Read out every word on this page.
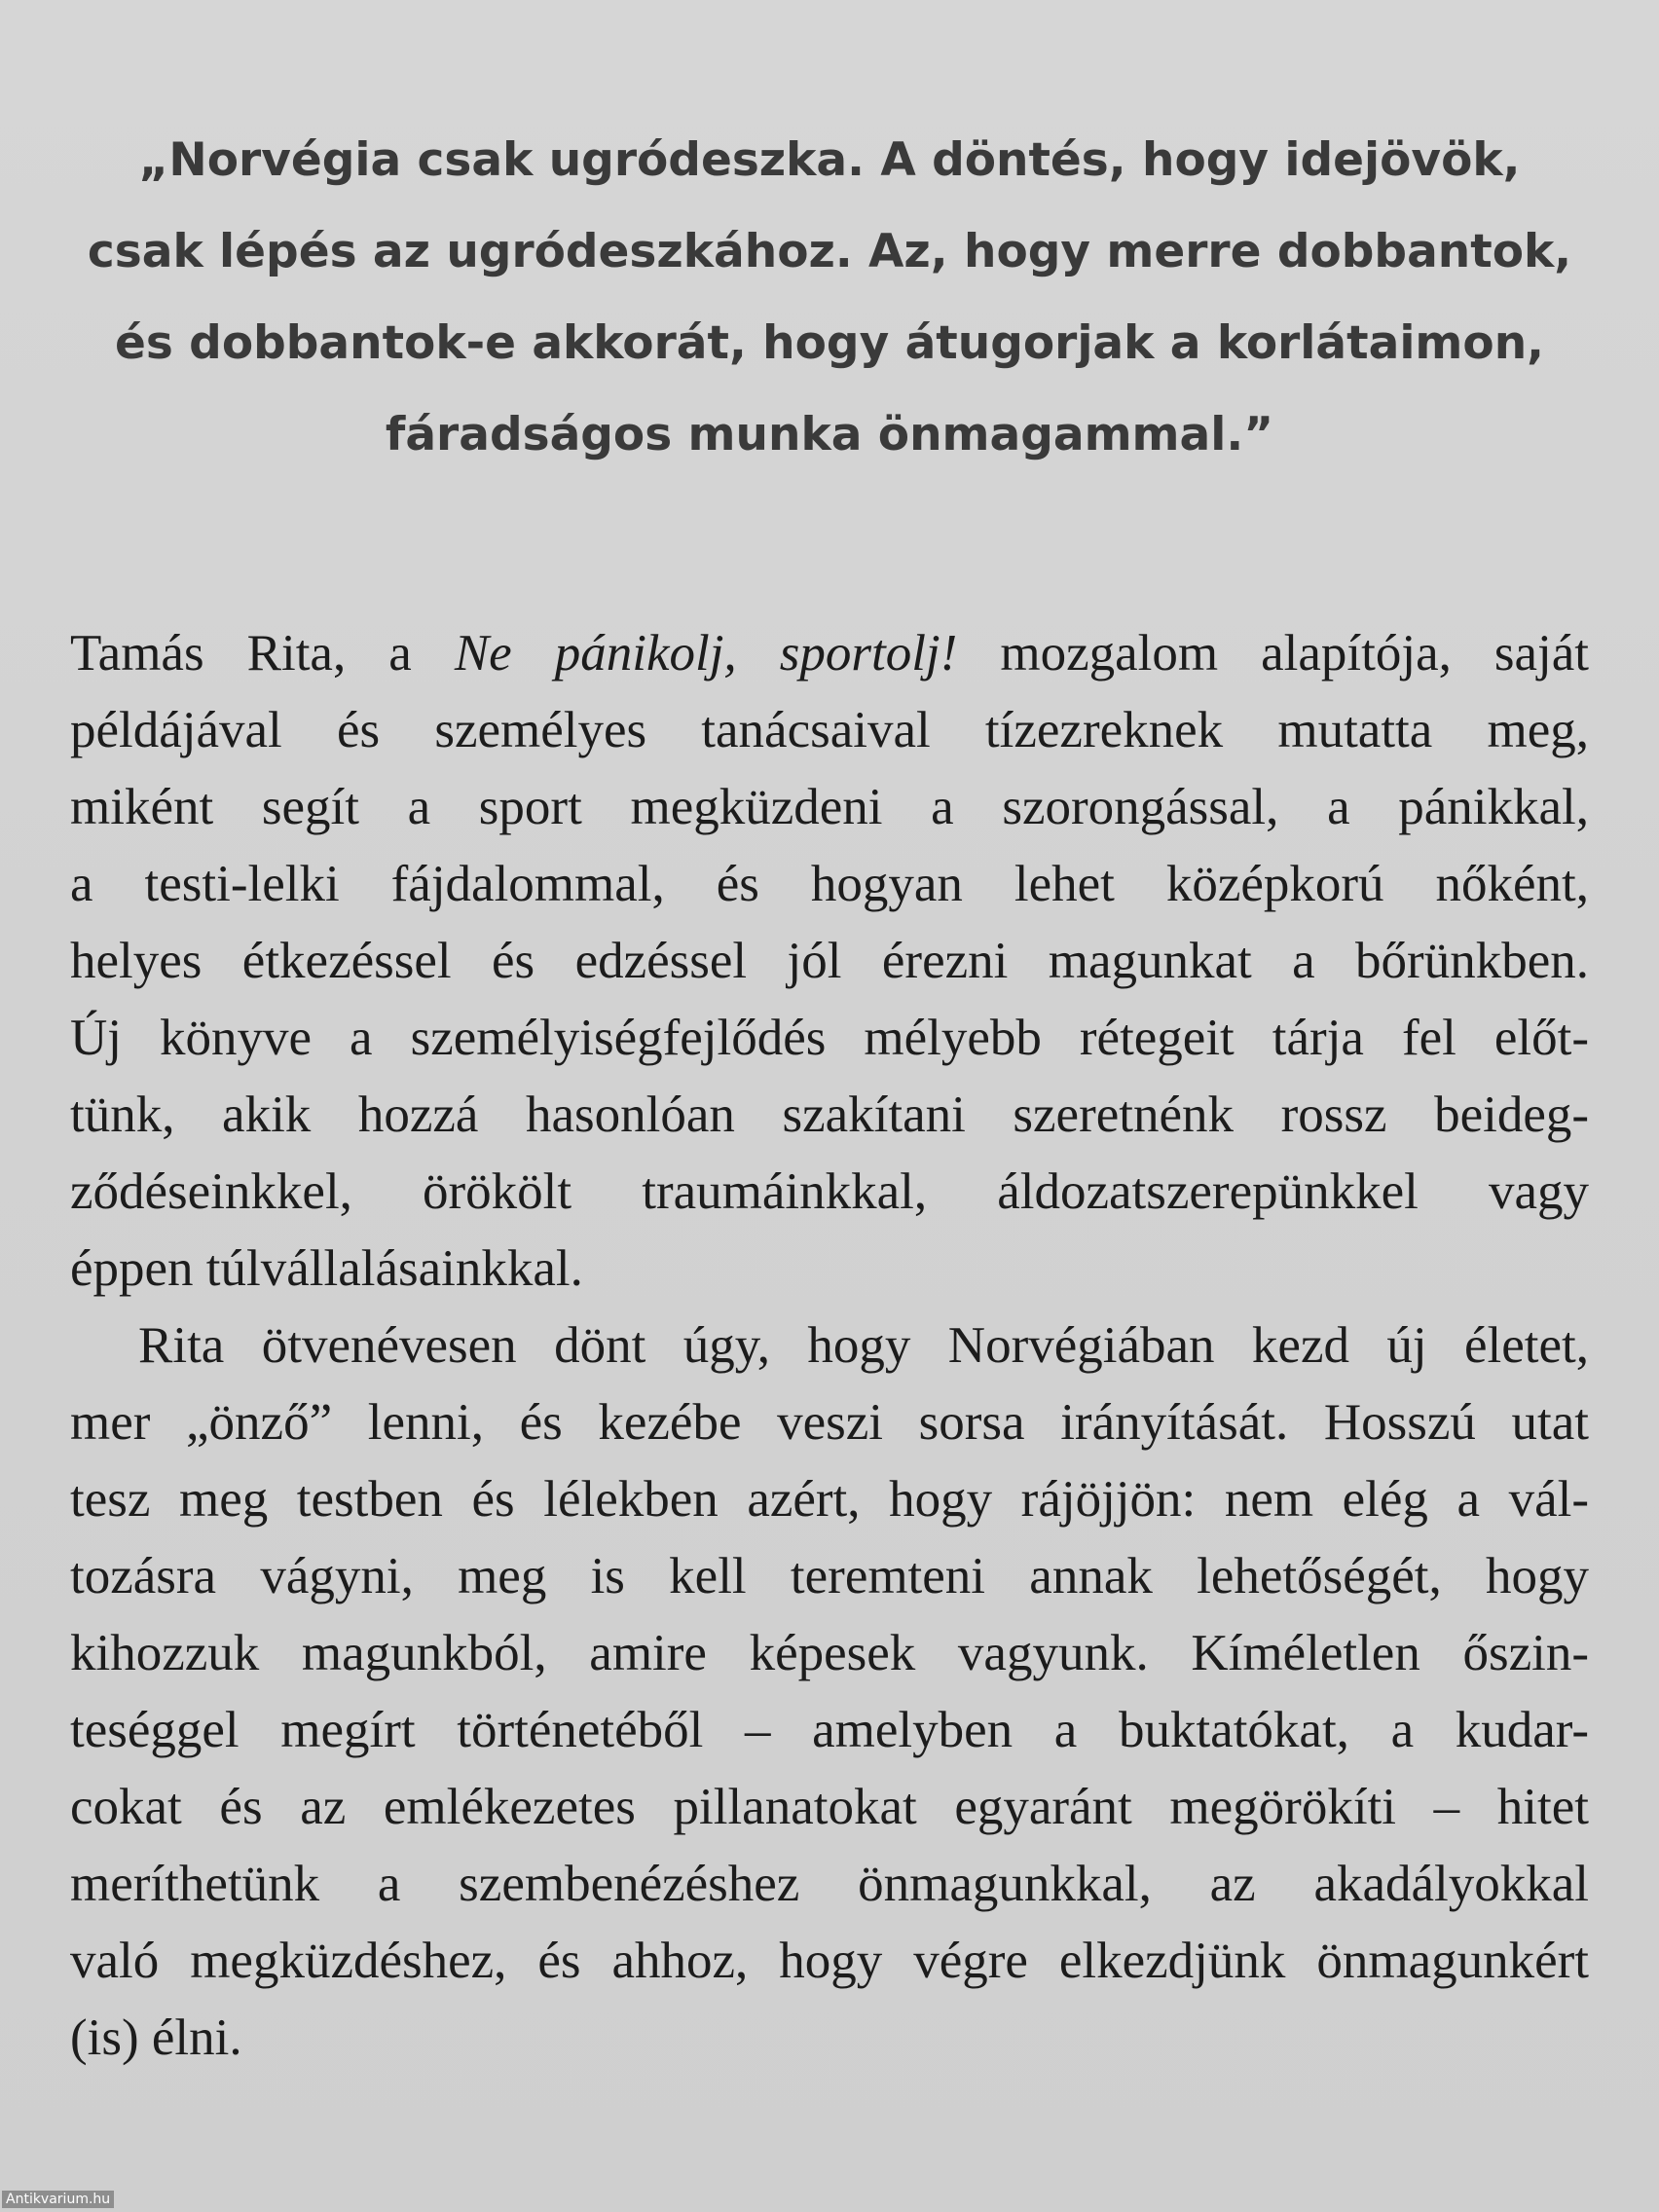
„Norvégia csak ugródeszka. A döntés, hogy idejövök,
csak lépés az ugródeszkához. Az, hogy merre dobbantok,
és dobbantok-e akkorát, hogy átugorjak a korlátaimon,
fáradságos munka önmagammal.”
Tamás Rita, a Ne pánikolj, sportolj! mozgalom alapítója, saját
példájával és személyes tanácsaival tízezreknek mutatta meg,
miként segít a sport megküzdeni a szorongással, a pánikkal,
a testi-lelki fájdalommal, és hogyan lehet középkorú nőként,
helyes étkezéssel és edzéssel jól érezni magunkat a bőrünkben.
Új könyve a személyiségfejlődés mélyebb rétegeit tárja fel előt-
tünk, akik hozzá hasonlóan szakítani szeretnénk rossz beideg-
ződéseinkkel, örökölt traumáinkkal, áldozatszerepünkkel vagy
éppen túlvállalásainkkal.
Rita ötvenévesen dönt úgy, hogy Norvégiában kezd új életet,
mer „önző” lenni, és kezébe veszi sorsa irányítását. Hosszú utat
tesz meg testben és lélekben azért, hogy rájöjjön: nem elég a vál-
tozásra vágyni, meg is kell teremteni annak lehetőségét, hogy
kihozzuk magunkból, amire képesek vagyunk. Kíméletlen őszin-
teséggel megírt történetéből – amelyben a buktatókat, a kudar-
cokat és az emlékezetes pillanatokat egyaránt megörökíti – hitet
meríthetünk a szembenézéshez önmagunkkal, az akadályokkal
való megküzdéshez, és ahhoz, hogy végre elkezdjünk önmagunkért
(is) élni.
Antikvarium.hu
